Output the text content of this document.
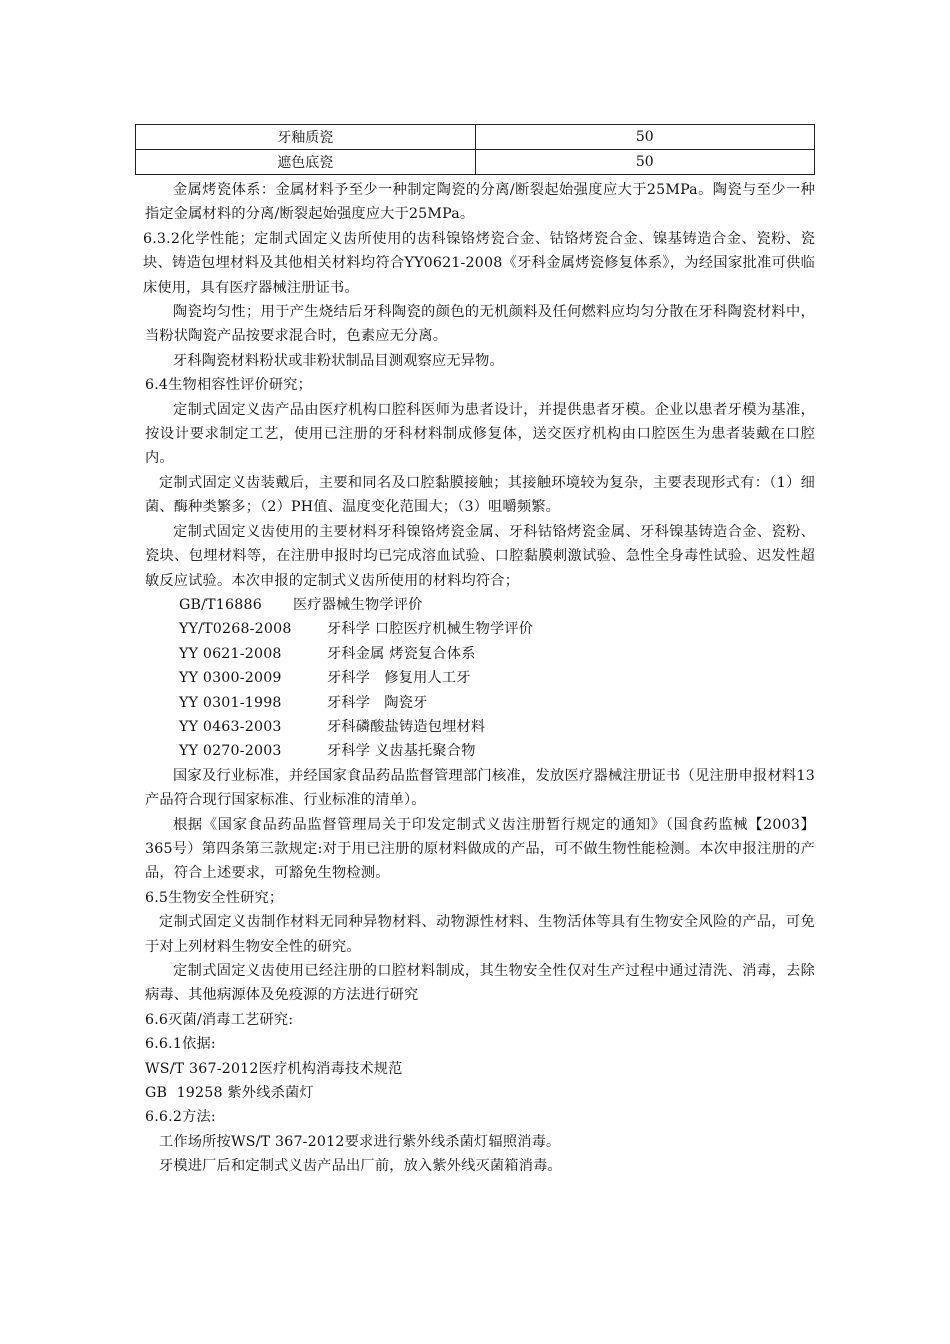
牙釉质瓷	50
遮色底瓷	50

金属烤瓷体系：金属材料予至少一种制定陶瓷的分离/断裂起始强度应大于25MPa。陶瓷与至少一种指定金属材料的分离/断裂起始强度应大于25MPa。

6.3.2化学性能；定制式固定义齿所使用的齿科镍铬烤瓷合金、钴铬烤瓷合金、镍基铸造合金、瓷粉、瓷块、铸造包埋材料及其他相关材料均符合YY0621-2008《牙科金属烤瓷修复体系》，为经国家批准可供临床使用，具有医疗器械注册证书。

陶瓷均匀性；用于产生烧结后牙科陶瓷的颜色的无机颜料及任何燃料应均匀分散在牙科陶瓷材料中，当粉状陶瓷产品按要求混合时，色素应无分离。

牙科陶瓷材料粉状或非粉状制品目测观察应无异物。

6.4生物相容性评价研究；

定制式固定义齿产品由医疗机构口腔科医师为患者设计，并提供患者牙模。企业以患者牙模为基准，按设计要求制定工艺，使用已注册的牙科材料制成修复体，送交医疗机构由口腔医生为患者装戴在口腔内。

定制式固定义齿装戴后，主要和同名及口腔黏膜接触；其接触环境较为复杂，主要表现形式有：（1）细菌、酶种类繁多；（2）PH值、温度变化范围大；（3）咀嚼频繁。

定制式固定义齿使用的主要材料牙科镍铬烤瓷金属、牙科钴铬烤瓷金属、牙科镍基铸造合金、瓷粉、瓷块、包埋材料等，在注册申报时均已完成溶血试验、口腔黏膜刺激试验、急性全身毒性试验、迟发性超敏反应试验。本次申报的定制式义齿所使用的材料均符合；

GB/T16886	医疗器械生物学评价
YY/T0268-2008	牙科学 口腔医疗机械生物学评价
YY 0621-2008	牙科金属 烤瓷复合体系
YY 0300-2009	牙科学   修复用人工牙
YY 0301-1998	牙科学   陶瓷牙
YY 0463-2003	牙科磷酸盐铸造包埋材料
YY 0270-2003	牙科学 义齿基托聚合物

国家及行业标准，并经国家食品药品监督管理部门核准，发放医疗器械注册证书（见注册申报材料13产品符合现行国家标准、行业标准的清单）。

根据《国家食品药品监督管理局关于印发定制式义齿注册暂行规定的通知》（国食药监械【2003】365号）第四条第三款规定:对于用已注册的原材料做成的产品，可不做生物性能检测。本次申报注册的产品，符合上述要求，可豁免生物检测。

6.5生物安全性研究；

定制式固定义齿制作材料无同种异物材料、动物源性材料、生物活体等具有生物安全风险的产品，可免于对上列材料生物安全性的研究。

定制式固定义齿使用已经注册的口腔材料制成，其生物安全性仅对生产过程中通过清洗、消毒，去除病毒、其他病源体及免疫源的方法进行研究

6.6灭菌/消毒工艺研究:

6.6.1依据:

WS/T 367-2012医疗机构消毒技术规范

GB  19258 紫外线杀菌灯

6.6.2方法:

工作场所按WS/T 367-2012要求进行紫外线杀菌灯辐照消毒。

牙模进厂后和定制式义齿产品出厂前，放入紫外线灭菌箱消毒。
